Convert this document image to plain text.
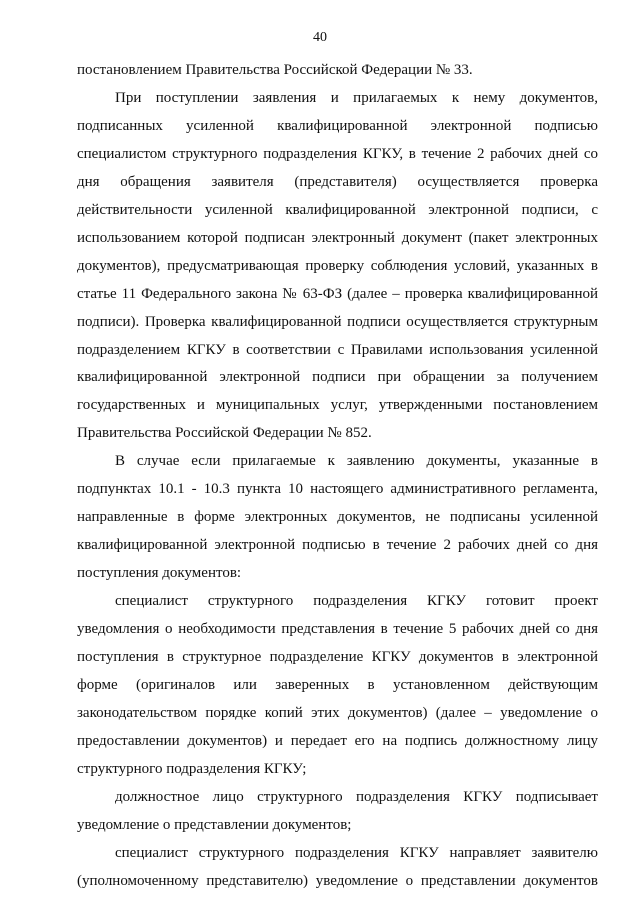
40
постановлением Правительства Российской Федерации № 33.
При поступлении заявления и прилагаемых к нему документов,
подписанных усиленной квалифицированной электронной подписью
специалистом структурного подразделения КГКУ, в течение 2 рабочих дней со
дня обращения заявителя (представителя) осуществляется проверка
действительности усиленной квалифицированной электронной подписи, с
использованием которой подписан электронный документ (пакет электронных
документов), предусматривающая проверку соблюдения условий, указанных в
статье 11 Федерального закона № 63-ФЗ (далее – проверка квалифицированной
подписи). Проверка квалифицированной подписи осуществляется структурным
подразделением КГКУ в соответствии с Правилами использования усиленной
квалифицированной электронной подписи при обращении за получением
государственных и муниципальных услуг, утвержденными постановлением
Правительства Российской Федерации № 852.
В случае если прилагаемые к заявлению документы, указанные в
подпунктах 10.1 - 10.3 пункта 10 настоящего административного регламента,
направленные в форме электронных документов, не подписаны усиленной
квалифицированной электронной подписью в течение 2 рабочих дней со дня
поступления документов:
специалист структурного подразделения КГКУ готовит проект
уведомления о необходимости представления в течение 5 рабочих дней со дня
поступления в структурное подразделение КГКУ документов в электронной
форме (оригиналов или заверенных в установленном действующим
законодательством порядке копий этих документов) (далее – уведомление о
предоставлении документов) и передает его на подпись должностному лицу
структурного подразделения КГКУ;
должностное лицо структурного подразделения КГКУ подписывает
уведомление о представлении документов;
специалист структурного подразделения КГКУ направляет заявителю
(уполномоченному представителю) уведомление о представлении документов
